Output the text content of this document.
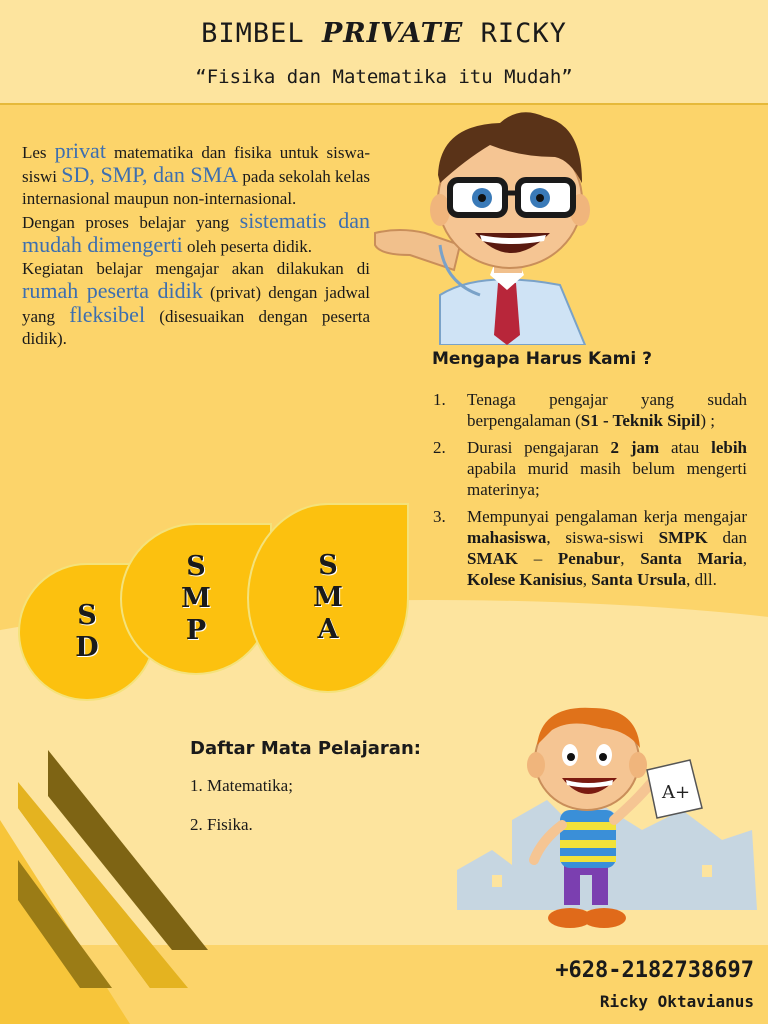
BIMBEL PRIVATE RICKY
“Fisika dan Matematika itu Mudah”

Les privat matematika dan fisika untuk siswa-siswi SD, SMP, dan SMA pada sekolah kelas internasional maupun non-internasional.

Dengan proses belajar yang sistematis dan mudah dimengerti oleh peserta didik.

Kegiatan belajar mengajar akan dilakukan di rumah peserta didik (privat) dengan jadwal yang fleksibel (disesuaikan dengan peserta didik).

S
D
S
M
P
S
M
A
Mengapa Harus Kami ?
1.	Tenaga pengajar yang sudah berpengalaman (S1 - Teknik Sipil) ;
2.	Durasi pengajaran 2 jam atau lebih apabila murid masih belum mengerti materinya;
3.	Mempunyai pengalaman kerja mengajar mahasiswa, siswa-siswi SMPK dan SMAK – Penabur, Santa Maria, Kolese Kanisius, Santa Ursula, dll.
Daftar Mata Pelajaran:
1. Matematika;
2. Fisika.
A+
+628-2182738697
Ricky Oktavianus
